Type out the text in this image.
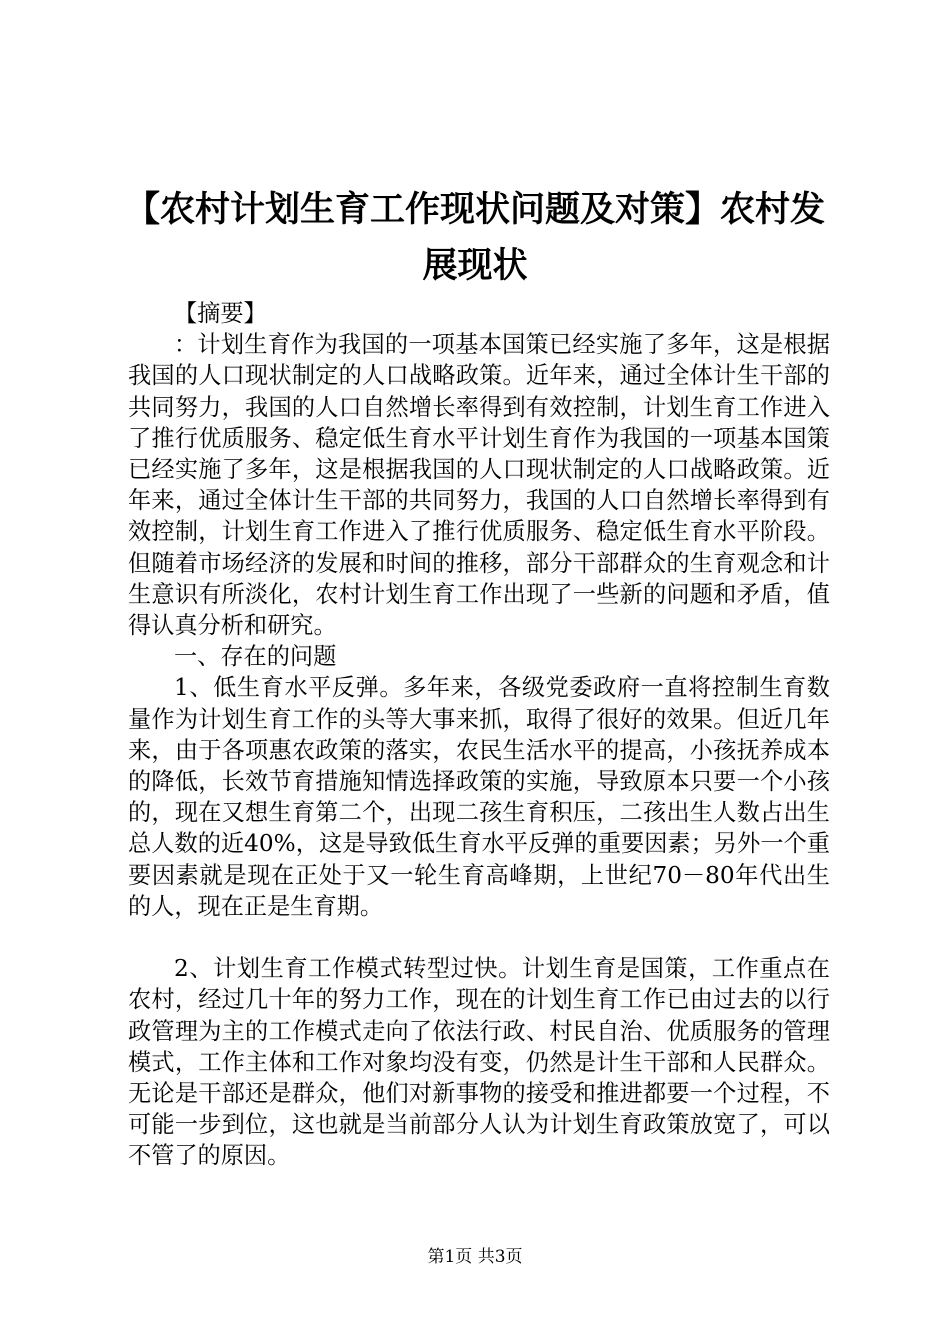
【农村计划生育工作现状问题及对策】农村发展现状

【摘要】

：计划生育作为我国的一项基本国策已经实施了多年，这是根据我国的人口现状制定的人口战略政策。近年来，通过全体计生干部的共同努力，我国的人口自然增长率得到有效控制，计划生育工作进入了推行优质服务、稳定低生育水平计划生育作为我国的一项基本国策已经实施了多年，这是根据我国的人口现状制定的人口战略政策。近年来，通过全体计生干部的共同努力，我国的人口自然增长率得到有效控制，计划生育工作进入了推行优质服务、稳定低生育水平阶段。但随着市场经济的发展和时间的推移，部分干部群众的生育观念和计生意识有所淡化，农村计划生育工作出现了一些新的问题和矛盾，值得认真分析和研究。

一、存在的问题

1、低生育水平反弹。多年来，各级党委政府一直将控制生育数量作为计划生育工作的头等大事来抓，取得了很好的效果。但近几年来，由于各项惠农政策的落实，农民生活水平的提高，小孩抚养成本的降低，长效节育措施知情选择政策的实施，导致原本只要一个小孩的，现在又想生育第二个，出现二孩生育积压，二孩出生人数占出生总人数的近40%，这是导致低生育水平反弹的重要因素；另外一个重要因素就是现在正处于又一轮生育高峰期，上世纪70－80年代出生的人，现在正是生育期。

2、计划生育工作模式转型过快。计划生育是国策，工作重点在农村，经过几十年的努力工作，现在的计划生育工作已由过去的以行政管理为主的工作模式走向了依法行政、村民自治、优质服务的管理模式，工作主体和工作对象均没有变，仍然是计生干部和人民群众。无论是干部还是群众，他们对新事物的接受和推进都要一个过程，不可能一步到位，这也就是当前部分人认为计划生育政策放宽了，可以不管了的原因。

第1页 共3页
